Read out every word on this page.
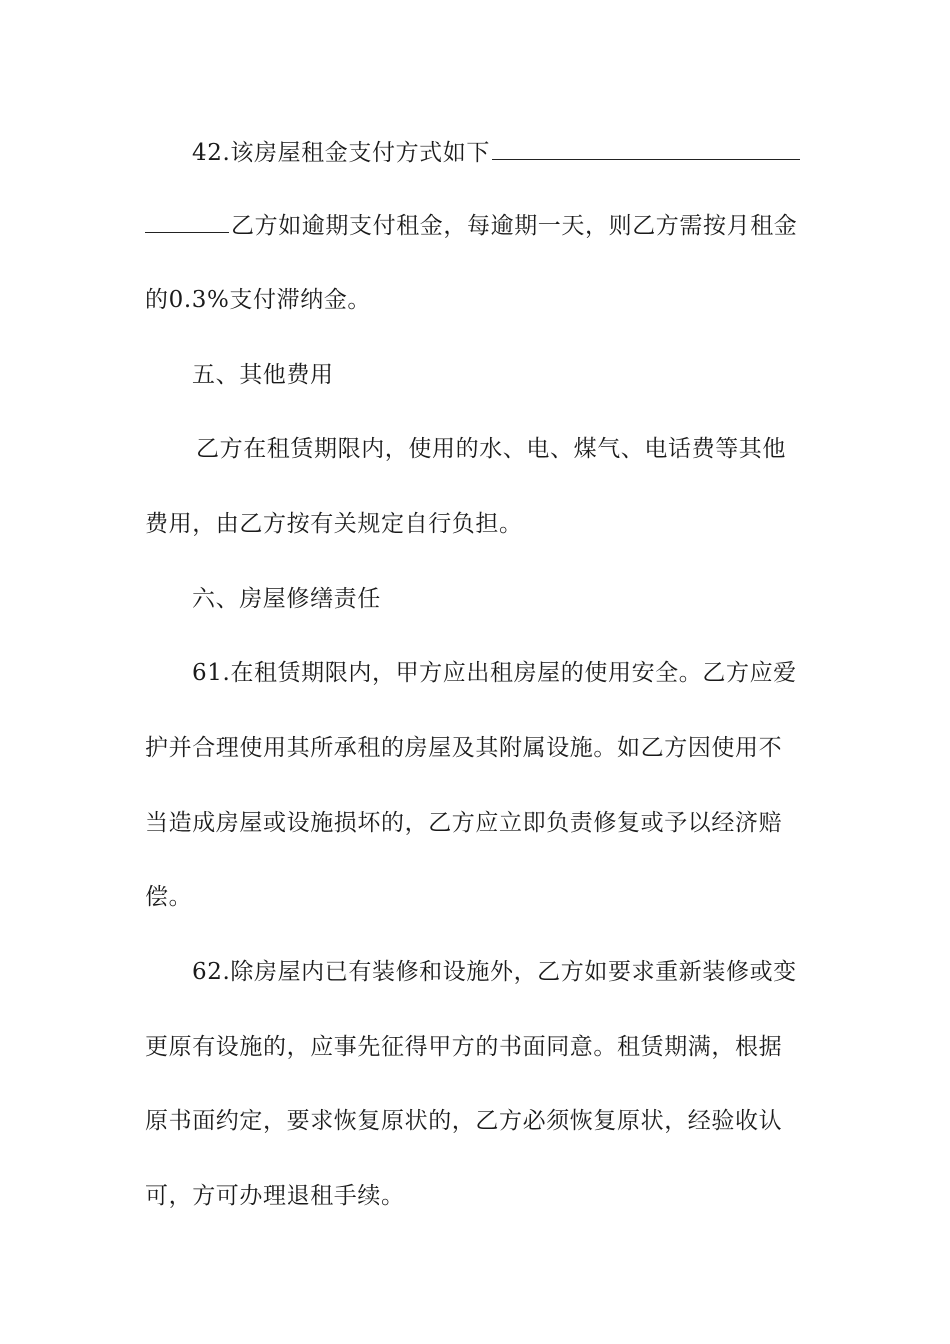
42.该房屋租金支付方式如下
乙方如逾期支付租金，每逾期一天，则乙方需按月租金
的0.3%支付滞纳金。
五、其他费用
乙方在租赁期限内，使用的水、电、煤气、电话费等其他
费用，由乙方按有关规定自行负担。
六、房屋修缮责任
61.在租赁期限内，甲方应出租房屋的使用安全。乙方应爱
护并合理使用其所承租的房屋及其附属设施。如乙方因使用不
当造成房屋或设施损坏的，乙方应立即负责修复或予以经济赔
偿。
62.除房屋内已有装修和设施外，乙方如要求重新装修或变
更原有设施的，应事先征得甲方的书面同意。租赁期满，根据
原书面约定，要求恢复原状的，乙方必须恢复原状，经验收认
可，方可办理退租手续。
